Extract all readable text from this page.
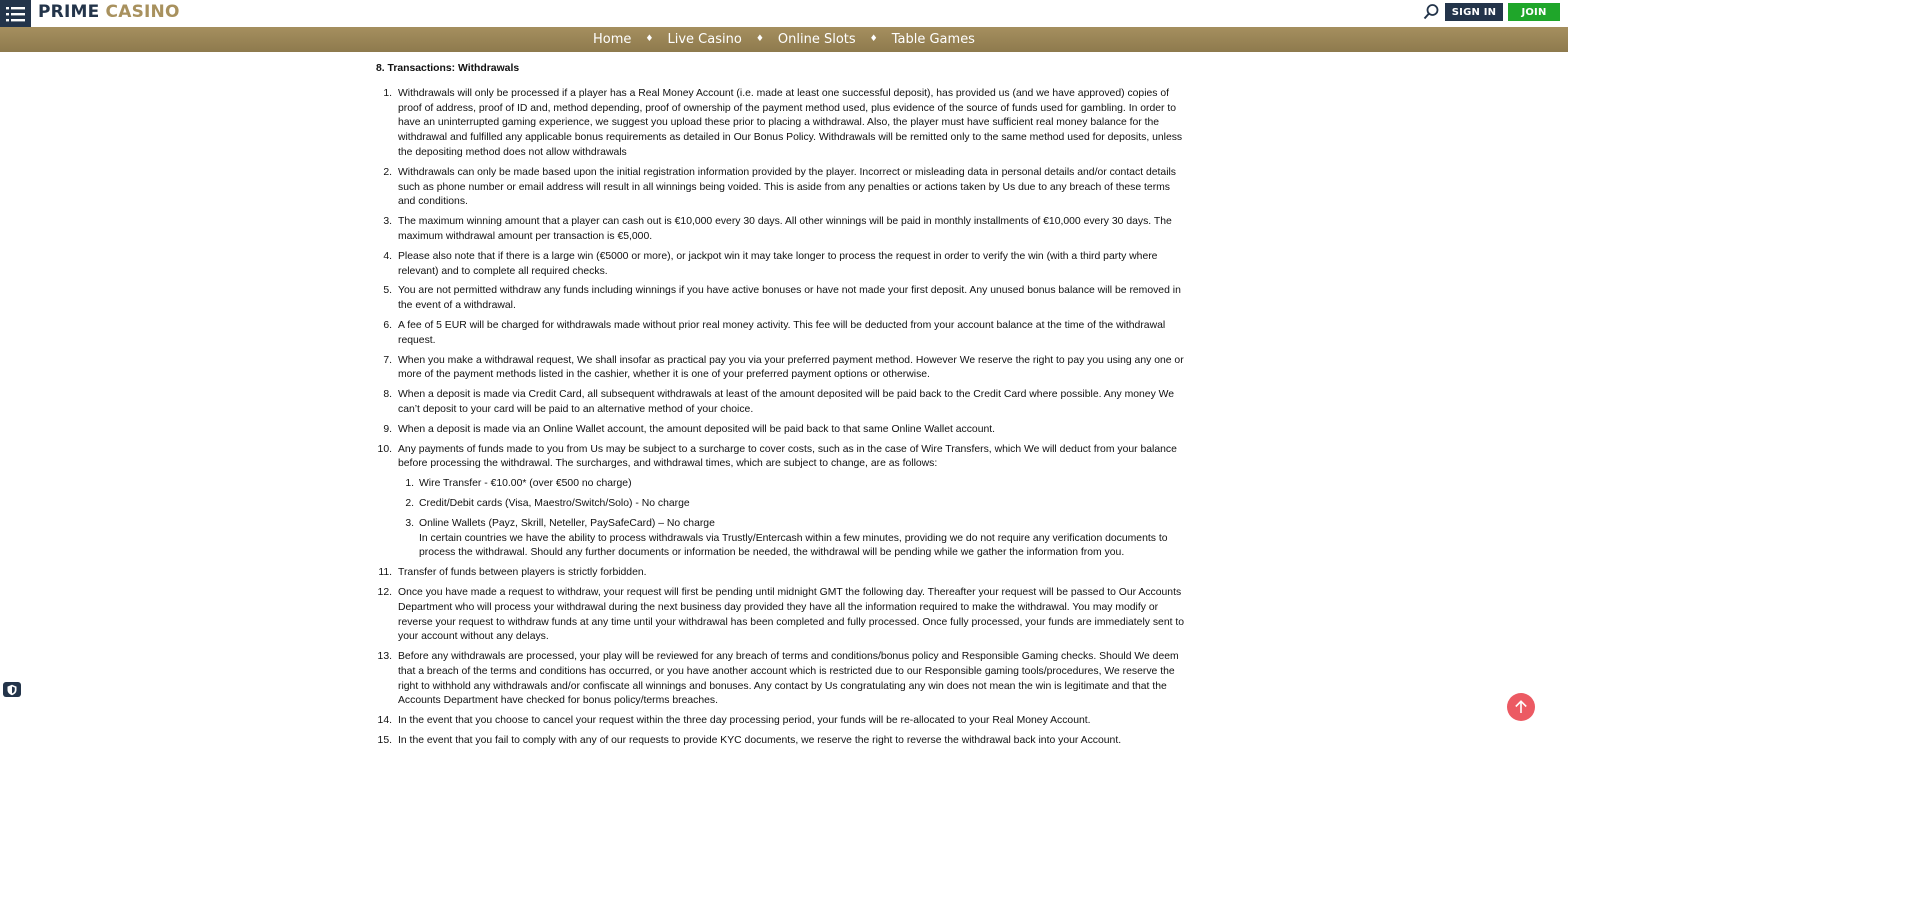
PRIME CASINO	SIGN IN	JOIN
Home ♦ Live Casino ♦ Online Slots ♦ Table Games
8. Transactions: Withdrawals
1. Withdrawals will only be processed if a player has a Real Money Account (i.e. made at least one successful deposit), has provided us (and we have approved) copies of proof of address, proof of ID and, method depending, proof of ownership of the payment method used, plus evidence of the source of funds used for gambling. In order to have an uninterrupted gaming experience, we suggest you upload these prior to placing a withdrawal. Also, the player must have sufficient real money balance for the withdrawal and fulfilled any applicable bonus requirements as detailed in Our Bonus Policy. Withdrawals will be remitted only to the same method used for deposits, unless the depositing method does not allow withdrawals
2. Withdrawals can only be made based upon the initial registration information provided by the player. Incorrect or misleading data in personal details and/or contact details such as phone number or email address will result in all winnings being voided. This is aside from any penalties or actions taken by Us due to any breach of these terms and conditions.
3. The maximum winning amount that a player can cash out is €10,000 every 30 days. All other winnings will be paid in monthly installments of €10,000 every 30 days. The maximum withdrawal amount per transaction is €5,000.
4. Please also note that if there is a large win (€5000 or more), or jackpot win it may take longer to process the request in order to verify the win (with a third party where relevant) and to complete all required checks.
5. You are not permitted withdraw any funds including winnings if you have active bonuses or have not made your first deposit. Any unused bonus balance will be removed in the event of a withdrawal.
6. A fee of 5 EUR will be charged for withdrawals made without prior real money activity. This fee will be deducted from your account balance at the time of the withdrawal request.
7. When you make a withdrawal request, We shall insofar as practical pay you via your preferred payment method. However We reserve the right to pay you using any one or more of the payment methods listed in the cashier, whether it is one of your preferred payment options or otherwise.
8. When a deposit is made via Credit Card, all subsequent withdrawals at least of the amount deposited will be paid back to the Credit Card where possible. Any money We can’t deposit to your card will be paid to an alternative method of your choice.
9. When a deposit is made via an Online Wallet account, the amount deposited will be paid back to that same Online Wallet account.
10. Any payments of funds made to you from Us may be subject to a surcharge to cover costs, such as in the case of Wire Transfers, which We will deduct from your balance before processing the withdrawal. The surcharges, and withdrawal times, which are subject to change, are as follows:
1. Wire Transfer - €10.00* (over €500 no charge)
2. Credit/Debit cards (Visa, Maestro/Switch/Solo) - No charge
3. Online Wallets (Payz, Skrill, Neteller, PaySafeCard) – No charge
In certain countries we have the ability to process withdrawals via Trustly/Entercash within a few minutes, providing we do not require any verification documents to process the withdrawal. Should any further documents or information be needed, the withdrawal will be pending while we gather the information from you.
11. Transfer of funds between players is strictly forbidden.
12. Once you have made a request to withdraw, your request will first be pending until midnight GMT the following day. Thereafter your request will be passed to Our Accounts Department who will process your withdrawal during the next business day provided they have all the information required to make the withdrawal. You may modify or reverse your request to withdraw funds at any time until your withdrawal has been completed and fully processed. Once fully processed, your funds are immediately sent to your account without any delays.
13. Before any withdrawals are processed, your play will be reviewed for any breach of terms and conditions/bonus policy and Responsible Gaming checks. Should We deem that a breach of the terms and conditions has occurred, or you have another account which is restricted due to our Responsible gaming tools/procedures, We reserve the right to withhold any withdrawals and/or confiscate all winnings and bonuses. Any contact by Us congratulating any win does not mean the win is legitimate and that the Accounts Department have checked for bonus policy/terms breaches.
14. In the event that you choose to cancel your request within the three day processing period, your funds will be re-allocated to your Real Money Account.
15. In the event that you fail to comply with any of our requests to provide KYC documents, we reserve the right to reverse the withdrawal back into your Account.
